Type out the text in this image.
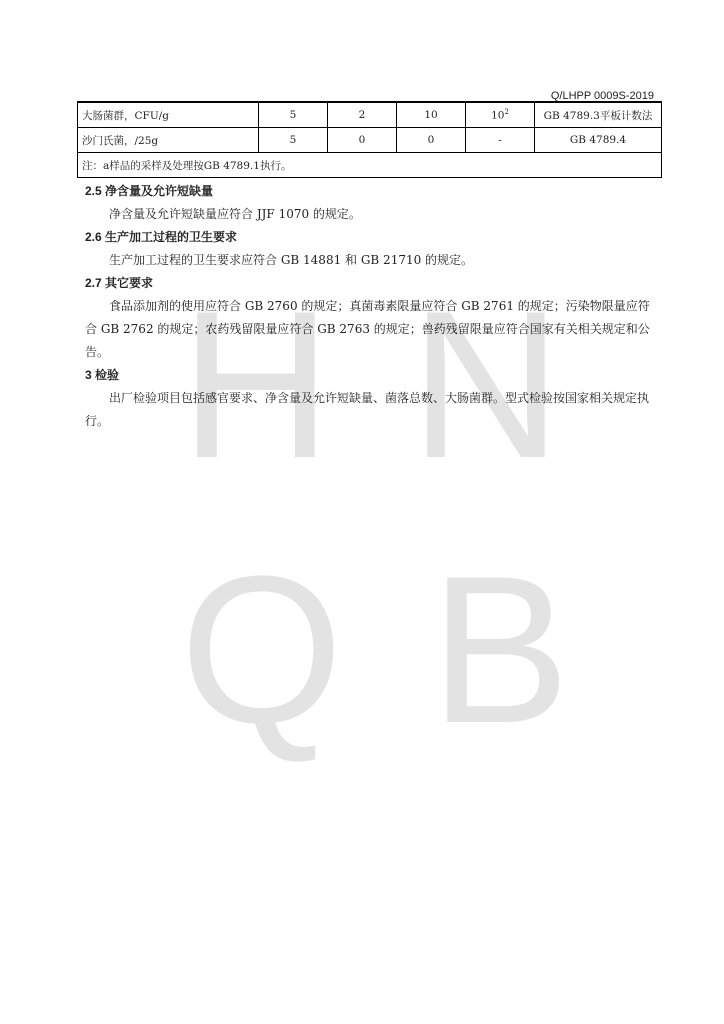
H N
Q B
Q/LHPP 0009S-2019
大肠菌群，CFU/g	5	2	10	$10^2$	GB 4789.3平板计数法
沙门氏菌，/25g	5	0	0	-	GB 4789.4
注：a样品的采样及处理按GB 4789.1执行。					

2.5 净含量及允许短缺量

净含量及允许短缺量应符合 JJF 1070 的规定。

2.6 生产加工过程的卫生要求

生产加工过程的卫生要求应符合 GB 14881 和 GB 21710 的规定。

2.7 其它要求

食品添加剂的使用应符合 GB 2760 的规定；真菌毒素限量应符合 GB 2761 的规定；污染物限量应符合 GB 2762 的规定；农药残留限量应符合 GB 2763 的规定；兽药残留限量应符合国家有关相关规定和公告。

3 检验

出厂检验项目包括感官要求、净含量及允许短缺量、菌落总数、大肠菌群。型式检验按国家相关规定执行。
